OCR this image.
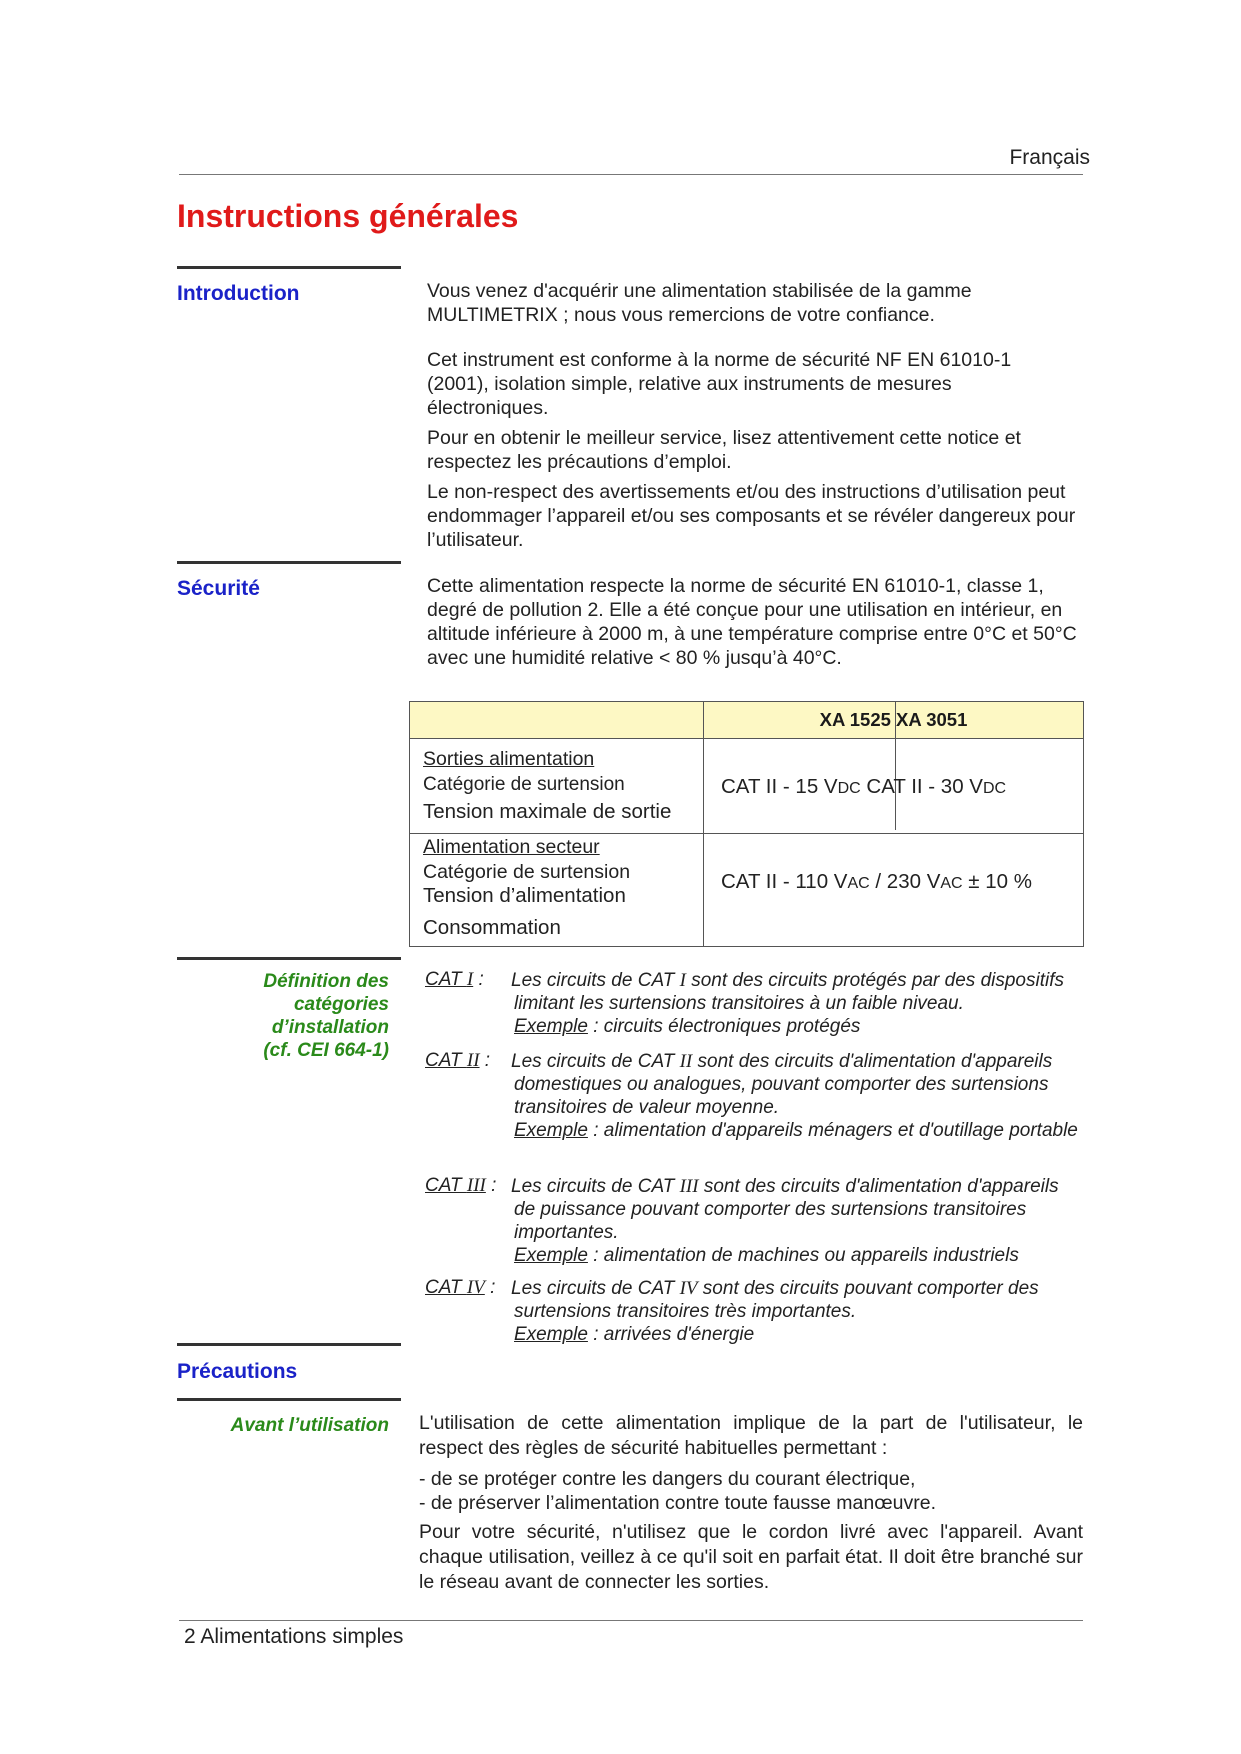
Français
Instructions générales
Introduction	Vous venez d'acquérir une alimentation stabilisée de la gamme MULTIMETRIX ; nous vous remercions de votre confiance.
Cet instrument est conforme à la norme de sécurité NF EN 61010-1 (2001), isolation simple, relative aux instruments de mesures électroniques.
Pour en obtenir le meilleur service, lisez attentivement cette notice et respectez les précautions d’emploi.
Le non-respect des avertissements et/ou des instructions d’utilisation peut endommager l’appareil et/ou ses composants et se révéler dangereux pour l’utilisateur.
Sécurité	Cette alimentation respecte la norme de sécurité EN 61010-1, classe 1, degré de pollution 2. Elle a été conçue pour une utilisation en intérieur, en altitude inférieure à 2000 m, à une température comprise entre 0°C et 50°C avec une humidité relative < 80 % jusqu’à 40°C.
XA 1525 XA 3051
Sorties alimentation
Catégorie de surtension
Tension maximale de sortie
CAT II - 15 VDC CAT II - 30 VDC
Alimentation secteur
Catégorie de surtension
Tension d’alimentation
Consommation
CAT II - 110 VAC / 230 VAC ± 10 %
Définition des
catégories
d’installation
(cf. CEI 664-1)
CAT I : Les circuits de CAT I sont des circuits protégés par des dispositifs limitant les surtensions transitoires à un faible niveau.
Exemple : circuits électroniques protégés
CAT II : Les circuits de CAT II sont des circuits d'alimentation d'appareils domestiques ou analogues, pouvant comporter des surtensions transitoires de valeur moyenne.
Exemple : alimentation d'appareils ménagers et d'outillage portable
CAT III : Les circuits de CAT III sont des circuits d'alimentation d'appareils de puissance pouvant comporter des surtensions transitoires importantes.
Exemple : alimentation de machines ou appareils industriels
CAT IV : Les circuits de CAT IV sont des circuits pouvant comporter des surtensions transitoires très importantes.
Exemple : arrivées d'énergie
Précautions
Avant l’utilisation L'utilisation de cette alimentation implique de la part de l'utilisateur, le respect des règles de sécurité habituelles permettant :
- de se protéger contre les dangers du courant électrique,
- de préserver l’alimentation contre toute fausse manœuvre.
Pour votre sécurité, n'utilisez que le cordon livré avec l'appareil. Avant chaque utilisation, veillez à ce qu'il soit en parfait état. Il doit être branché sur le réseau avant de connecter les sorties.
2 Alimentations simples
